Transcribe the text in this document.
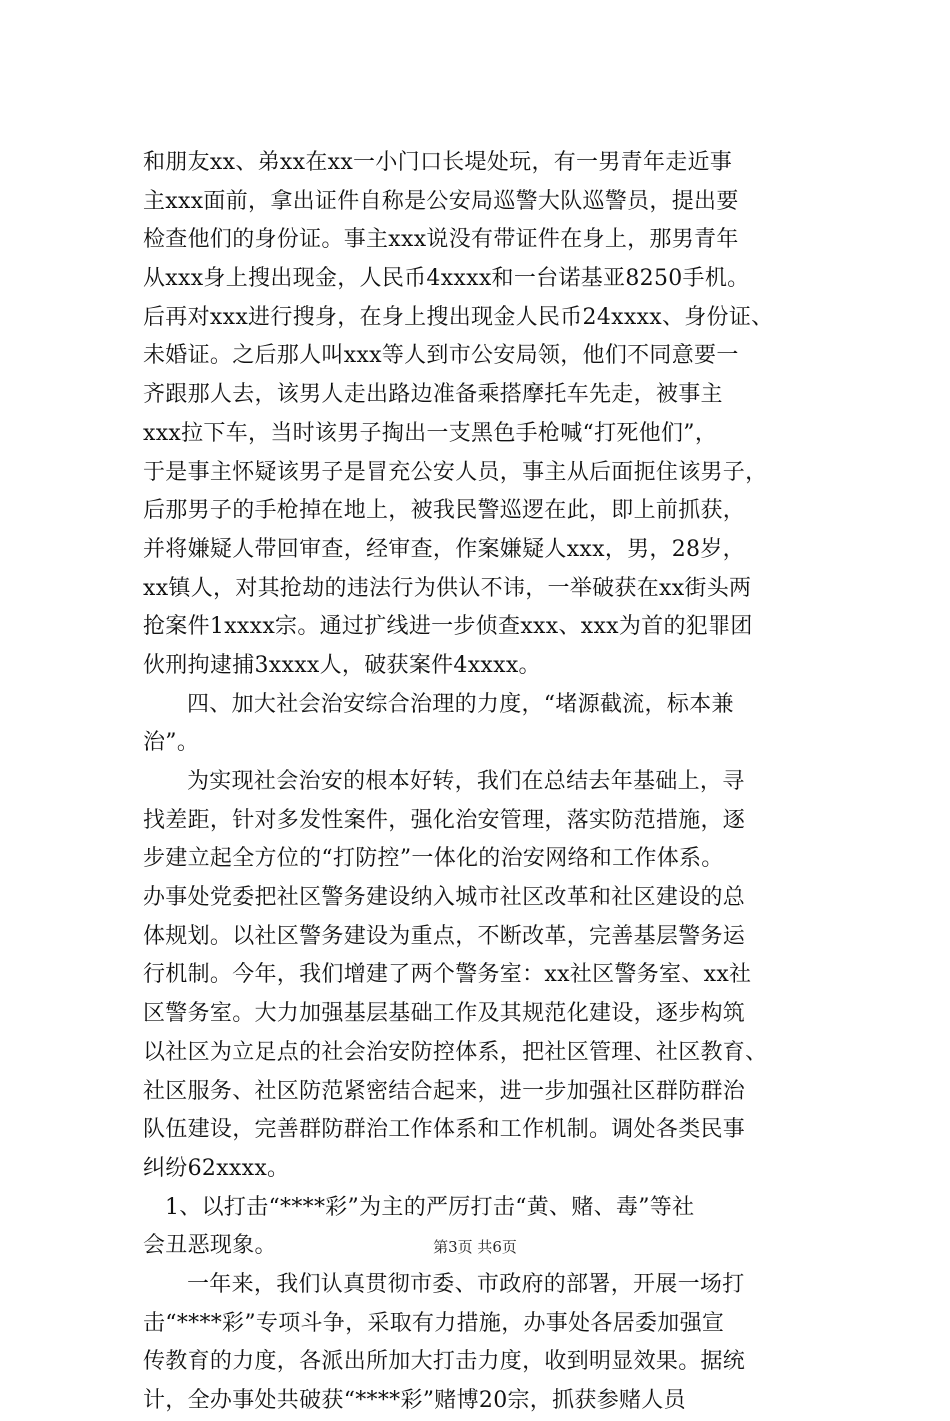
和朋友xx、弟xx在xx一小门口长堤处玩，有一男青年走近事
主xxx面前，拿出证件自称是公安局巡警大队巡警员，提出要
检查他们的身份证。事主xxx说没有带证件在身上，那男青年
从xxx身上搜出现金，人民币4xxxx和一台诺基亚8250手机。
后再对xxx进行搜身，在身上搜出现金人民币24xxxx、身份证、
未婚证。之后那人叫xxx等人到市公安局领，他们不同意要一
齐跟那人去，该男人走出路边准备乘搭摩托车先走，被事主
xxx拉下车，当时该男子掏出一支黑色手枪喊“打死他们”，
于是事主怀疑该男子是冒充公安人员，事主从后面扼住该男子，
后那男子的手枪掉在地上，被我民警巡逻在此，即上前抓获，
并将嫌疑人带回审查，经审查，作案嫌疑人xxx，男，28岁，
xx镇人，对其抢劫的违法行为供认不讳，一举破获在xx街头两
抢案件1xxxx宗。通过扩线进一步侦查xxx、xxx为首的犯罪团
伙刑拘逮捕3xxxx人，破获案件4xxxx。
四、加大社会治安综合治理的力度，“堵源截流，标本兼
治”。
为实现社会治安的根本好转，我们在总结去年基础上，寻
找差距，针对多发性案件，强化治安管理，落实防范措施，逐
步建立起全方位的“打防控”一体化的治安网络和工作体系。
办事处党委把社区警务建设纳入城市社区改革和社区建设的总
体规划。以社区警务建设为重点，不断改革，完善基层警务运
行机制。今年，我们增建了两个警务室：xx社区警务室、xx社
区警务室。大力加强基层基础工作及其规范化建设，逐步构筑
以社区为立足点的社会治安防控体系，把社区管理、社区教育、
社区服务、社区防范紧密结合起来，进一步加强社区群防群治
队伍建设，完善群防群治工作体系和工作机制。调处各类民事
纠纷62xxxx。
1、以打击“****彩”为主的严厉打击“黄、赌、毒”等社
会丑恶现象。
一年来，我们认真贯彻市委、市政府的部署，开展一场打
击“****彩”专项斗争，采取有力措施，办事处各居委加强宣
传教育的力度，各派出所加大打击力度，收到明显效果。据统
计，全办事处共破获“****彩”赌博20宗，抓获参赌人员
第3页 共6页
